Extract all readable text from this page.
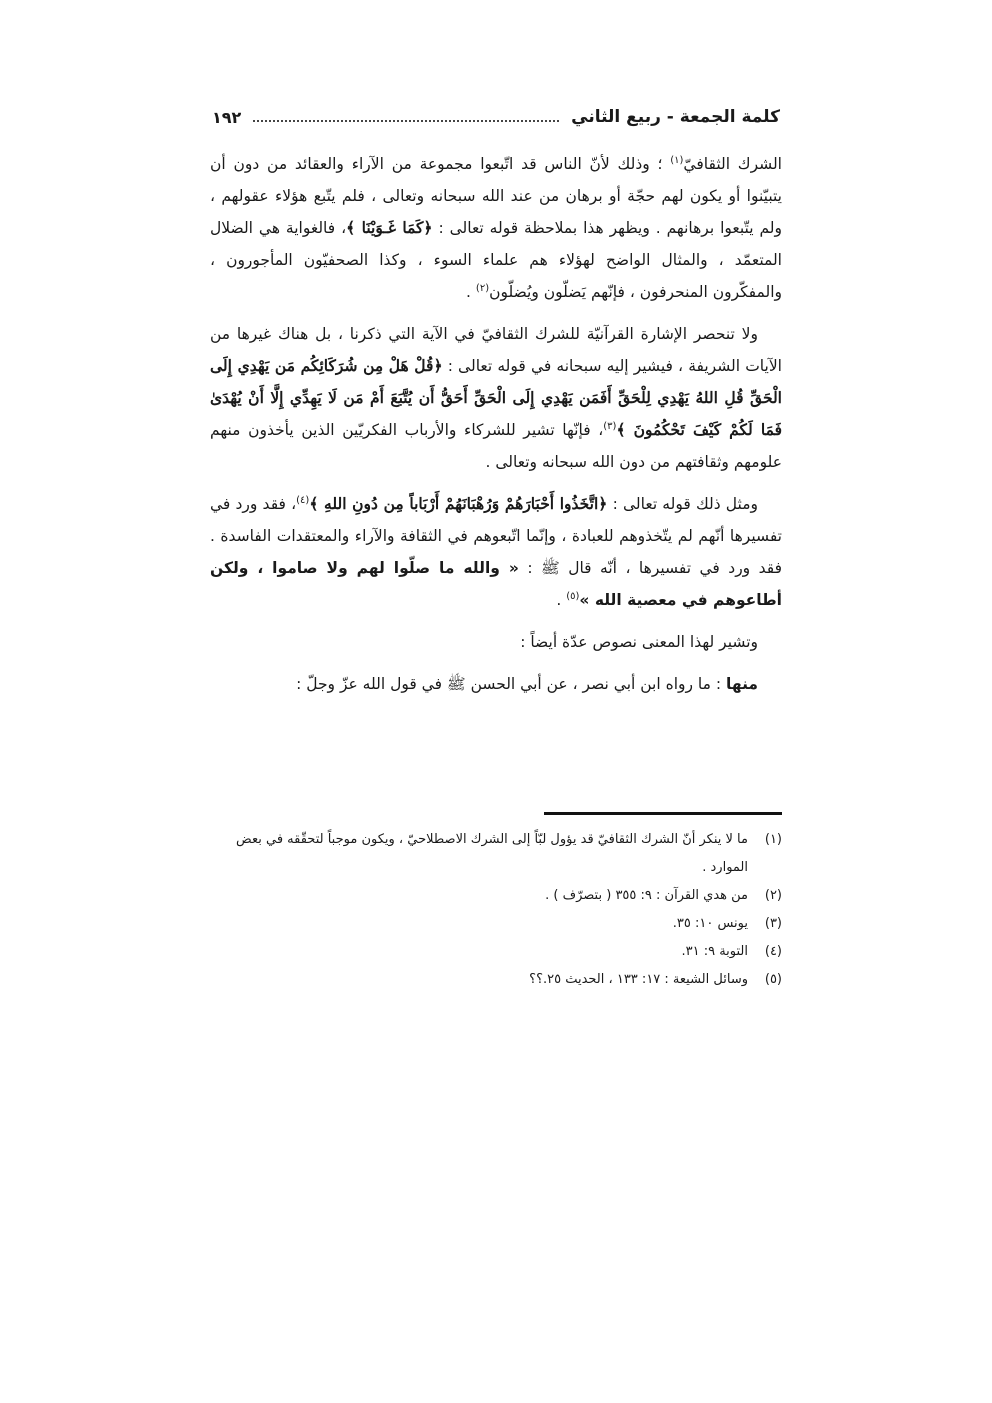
كلمة الجمعة - ربيع الثاني
١٩٢

الشرك الثقافيّ$^{(١)}$ ؛ وذلك لأنّ الناس قد اتّبعوا مجموعة من الآراء والعقائد من دون أن يتبيّنوا أو يكون لهم حجّة أو برهان من عند الله سبحانه وتعالى ، فلم يتّبع هؤلاء عقولهم ، ولم يتّبعوا برهانهم . ويظهر هذا بملاحظة قوله تعالى : ﴿كَمَا غَـوَيْنَا ﴾، فالغواية هي الضلال المتعمّد ، والمثال الواضح لهؤلاء هم علماء السوء ، وكذا الصحفيّون المأجورون ، والمفكّرون المنحرفون ، فإنّهم يَضلّون ويُضلّون$^{(٢)}$ .

ولا تنحصر الإشارة القرآنيّة للشرك الثقافيّ في الآية التي ذكرنا ، بل هناك غيرها من الآيات الشريفة ، فيشير إليه سبحانه في قوله تعالى : ﴿قُلْ هَلْ مِن شُرَكَائِكُم مَن يَهْدِي إِلَى الْحَقِّ قُلِ اللهُ يَهْدِي لِلْحَقِّ أَفَمَن يَهْدِي إِلَى الْحَقِّ أَحَقُّ أَن يُتَّبَعَ أَمْ مَن لَا يَهِدِّي إِلَّا أَنْ يُهْدَىٰ فَمَا لَكُمْ كَيْفَ تَحْكُمُونَ ﴾$^{(٣)}$، فإنّها تشير للشركاء والأرباب الفكريّين الذين يأخذون منهم علومهم وثقافتهم من دون الله سبحانه وتعالى .

ومثل ذلك قوله تعالى : ﴿اتَّخَذُوا أَحْبَارَهُمْ وَرُهْبَانَهُمْ أَرْبَاباً مِن دُونِ اللهِ ﴾$^{(٤)}$، فقد ورد في تفسيرها أنّهم لم يتّخذوهم للعبادة ، وإنّما اتّبعوهم في الثقافة والآراء والمعتقدات الفاسدة . فقد ورد في تفسيرها ، أنّه قال ﷺ : « والله ما صلّوا لهم ولا صاموا ، ولكن أطاعوهم في معصية الله »$^{(٥)}$ .

وتشير لهذا المعنى نصوص عدّة أيضاً :

منها : ما رواه ابن أبي نصر ، عن أبي الحسن ﷺ في قول الله عزّ وجلّ :

(١)
ما لا ينكر أنّ الشرك الثقافيّ قد يؤول لبّاً إلى الشرك الاصطلاحيّ ، ويكون موجباً لتحقّقه في بعض الموارد .
(٢)
من هدي القرآن : ٩: ٣٥٥ ( بتصرّف ) .
(٣)
يونس ١٠: ٣٥.
(٤)
التوبة ٩: ٣١.
(٥)
وسائل الشيعة : ١٧: ١٣٣ ، الحديث ٢٥.؟؟
